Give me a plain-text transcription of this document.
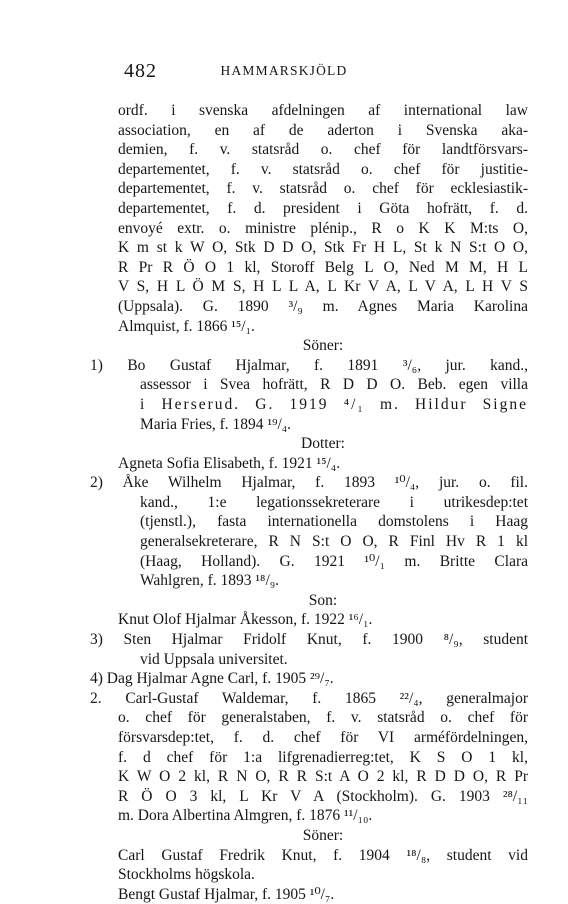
482	HAMMARSKJÖLD
ordf. i svenska afdelningen af international law
association, en af de aderton i Svenska aka-
demien, f. v. statsråd o. chef för landtförsvars-
departementet, f. v. statsråd o. chef för justitie-
departementet, f. v. statsråd o. chef för ecklesiastik-
departementet, f. d. president i Göta hofrätt, f. d.
envoyé extr. o. ministre plénip., R o K K M:ts O,
K m st k W O, Stk D D O, Stk Fr H L, St k N S:t O O,
R Pr R Ö O 1 kl, Storoff Belg L O, Ned M M, H L
V S, H L Ö M S, H L L A, L Kr V A, L V A, L H V S
(Uppsala). G. 1890 ³/₉ m. Agnes Maria Karolina
Almquist, f. 1866 ¹⁵/₁.
Söner:
1) Bo Gustaf Hjalmar, f. 1891 ³/₆, jur. kand.,
assessor i Svea hofrätt, R D D O. Bеb. egen villa
i Herserud. G. 1919 ⁴/₁ m. Hildur Signe
Maria Fries, f. 1894 ¹⁹/₄.
Dotter:
Agneta Sofia Elisabeth, f. 1921 ¹⁵/₄.
2) Åke Wilhelm Hjalmar, f. 1893 ¹⁰/₄, jur. o. fil.
kand., 1:e legationssekreterare i utrikesdep:tet
(tjenstl.), fasta internationella domstolens i Haag
generalsekreterare, R N S:t O O, R Finl Hv R 1 kl
(Haag, Holland). G. 1921 ¹⁰/₁ m. Britte Clara
Wahlgren, f. 1893 ¹⁸/₉.
Son:
Knut Olof Hjalmar Åkesson, f. 1922 ¹⁶/₁.
3) Sten Hjalmar Fridolf Knut, f. 1900 ⁸/₉, student
vid Uppsala universitet.
4) Dag Hjalmar Agne Carl, f. 1905 ²⁹/₇.
2. Carl-Gustaf Waldemar, f. 1865 ²²/₄, generalmajor
o. chef för generalstaben, f. v. statsråd o. chef för
försvarsdep:tet, f. d. chef för VI arméfördelningen,
f. d chef för 1:a lifgrenadierreg:tet, K S O 1 kl,
K W O 2 kl, R N O, R R S:t A O 2 kl, R D D O, R Pr
R Ö O 3 kl, L Kr V A (Stockholm). G. 1903 ²⁸/₁₁
m. Dora Albertina Almgren, f. 1876 ¹¹/₁₀.
Söner:
Carl Gustaf Fredrik Knut, f. 1904 ¹⁸/₈, student vid
Stockholms högskola.
Bengt Gustaf Hjalmar, f. 1905 ¹⁰/₇.
